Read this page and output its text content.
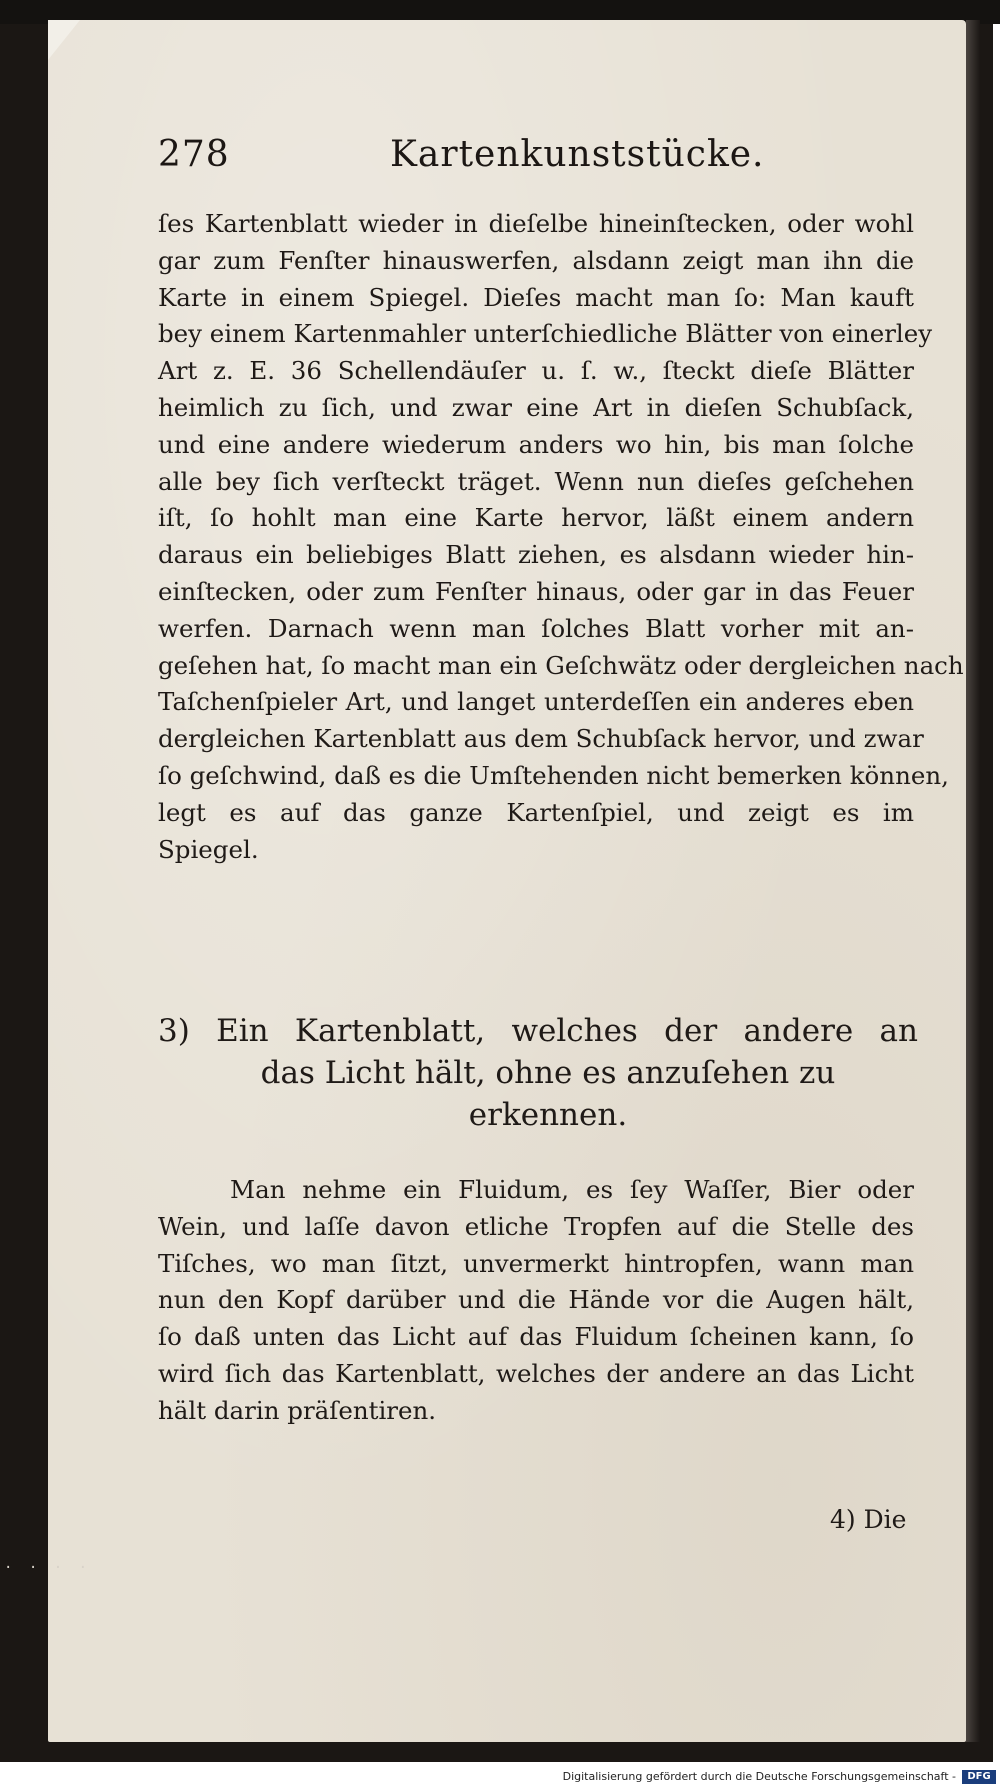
278	Kartenkunststücke.
ſes Kartenblatt wieder in dieſelbe hineinſtecken, oder wohl
gar zum Fenſter hinauswerfen, alsdann zeigt man ihn die
Karte in einem Spiegel. Dieſes macht man ſo: Man kauft
bey einem Kartenmahler unterſchiedliche Blätter von einerley
Art z. E. 36 Schellendäuſer u. ſ. w., ſteckt dieſe Blätter
heimlich zu ſich, und zwar eine Art in dieſen Schubſack,
und eine andere wiederum anders wo hin, bis man ſolche
alle bey ſich verſteckt träget. Wenn nun dieſes geſchehen
iſt, ſo hohlt man eine Karte hervor, läßt einem andern
daraus ein beliebiges Blatt ziehen, es alsdann wieder hin-
einſtecken, oder zum Fenſter hinaus, oder gar in das Feuer
werfen. Darnach wenn man ſolches Blatt vorher mit an-
geſehen hat, ſo macht man ein Geſchwätz oder dergleichen nach
Taſchenſpieler Art, und langet unterdeſſen ein anderes eben
dergleichen Kartenblatt aus dem Schubſack hervor, und zwar
ſo geſchwind, daß es die Umſtehenden nicht bemerken können,
legt es auf das ganze Kartenſpiel, und zeigt es im
Spiegel.
3) Ein Kartenblatt, welches der andere an
das Licht hält, ohne es anzuſehen zu
erkennen.
Man nehme ein Fluidum, es ſey Waſſer, Bier oder
Wein, und laſſe davon etliche Tropfen auf die Stelle des
Tiſches, wo man ſitzt, unvermerkt hintropfen, wann man
nun den Kopf darüber und die Hände vor die Augen hält,
ſo daß unten das Licht auf das Fluidum ſcheinen kann, ſo
wird ſich das Kartenblatt, welches der andere an das Licht
hält darin präſentiren.
4) Die
· · · ·
Digitalisierung gefördert durch die Deutsche Forschungsgemeinschaft -	DFG
